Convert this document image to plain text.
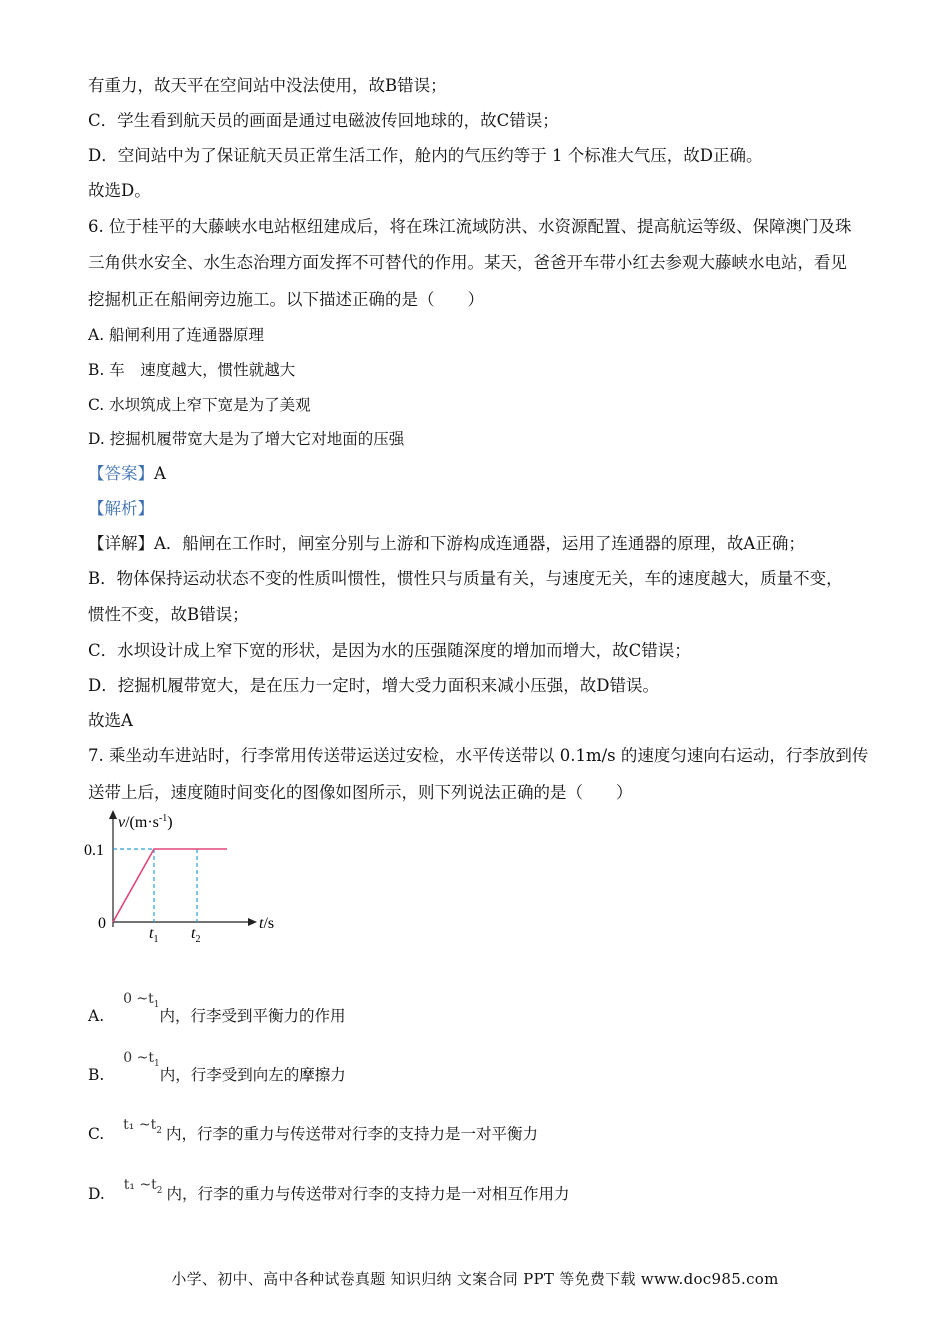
有重力，故天平在空间站中没法使用，故B错误；
C．学生看到航天员的画面是通过电磁波传回地球的，故C错误；
D．空间站中为了保证航天员正常生活工作，舱内的气压约等于 1 个标准大气压，故D正确。
故选D。
6. 位于桂平的大藤峡水电站枢纽建成后，将在珠江流域防洪、水资源配置、提高航运等级、保障澳门及珠
三角供水安全、水生态治理方面发挥不可替代的作用。某天，爸爸开车带小红去参观大藤峡水电站，看见
挖掘机正在船闸旁边施工。以下描述正确的是（　　）
A. 船闸利用了连通器原理
B. 车　速度越大，惯性就越大
C. 水坝筑成上窄下宽是为了美观
D. 挖掘机履带宽大是为了增大它对地面的压强
【答案】A
【解析】
【详解】A．船闸在工作时，闸室分别与上游和下游构成连通器，运用了连通器的原理，故A正确；
B．物体保持运动状态不变的性质叫惯性，惯性只与质量有关，与速度无关，车的速度越大，质量不变，
惯性不变，故B错误；
C．水坝设计成上窄下宽的形状，是因为水的压强随深度的增加而增大，故C错误；
D．挖掘机履带宽大，是在压力一定时，增大受力面积来减小压强，故D错误。
故选A
7. 乘坐动车进站时，行李常用传送带运送过安检，水平传送带以 0.1m/s 的速度匀速向右运动，行李放到传
送带上后，速度随时间变化的图像如图所示，则下列说法正确的是（　　）
$v/(m\cdot s^{-1})$
0.1
0
$t_1$ $t_2$
t/s
A. 0 $\sim t_1$内，行李受到平衡力的作用
B. 0 $\sim t_1$内，行李受到向左的摩擦力
C. t₁ $\sim t_2$ 内，行李的重力与传送带对行李的支持力是一对平衡力
D. t₁ $\sim t_2$ 内，行李的重力与传送带对行李的支持力是一对相互作用力
小学、初中、高中各种试卷真题 知识归纳 文案合同 PPT 等免费下载 www.doc985.com
